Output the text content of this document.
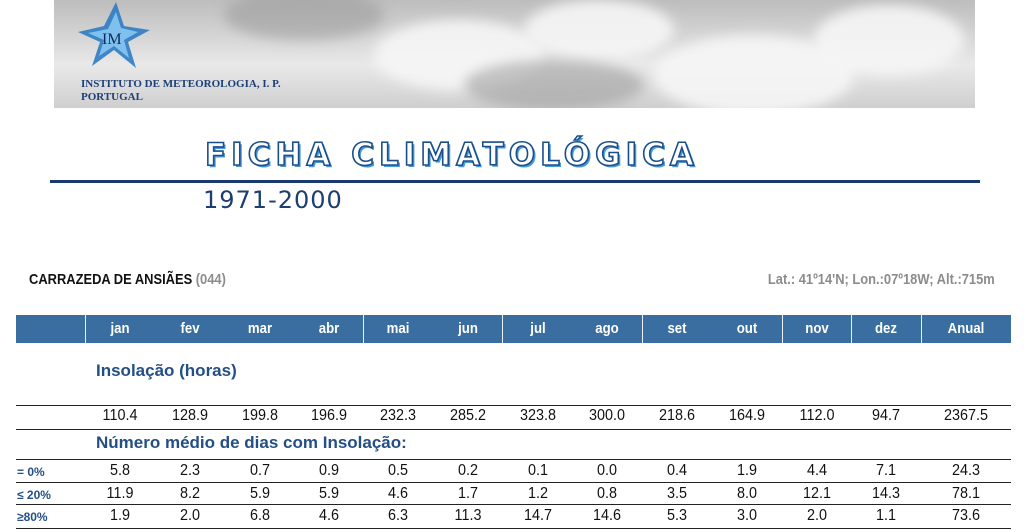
IM
INSTITUTO DE METEOROLOGIA, I. P.
PORTUGAL
FICHA CLIMATOLÓGICA
1971-2000
CARRAZEDA DE ANSIÃES (044)	Lat.: 41º14'N; Lon.:07º18W; Alt.:715m
jan	fev	mar	abr	mai	jun	jul	ago	set	out	nov	dez	Anual
Insolação (horas)
110.4	128.9	199.8	196.9	232.3	285.2	323.8	300.0	218.6	164.9	112.0	94.7	2367.5
Número médio de dias com Insolação:
= 0%	5.8	2.3	0.7	0.9	0.5	0.2	0.1	0.0	0.4	1.9	4.4	7.1	24.3
≤ 20%	11.9	8.2	5.9	5.9	4.6	1.7	1.2	0.8	3.5	8.0	12.1	14.3	78.1
≥80%	1.9	2.0	6.8	4.6	6.3	11.3	14.7	14.6	5.3	3.0	2.0	1.1	73.6
